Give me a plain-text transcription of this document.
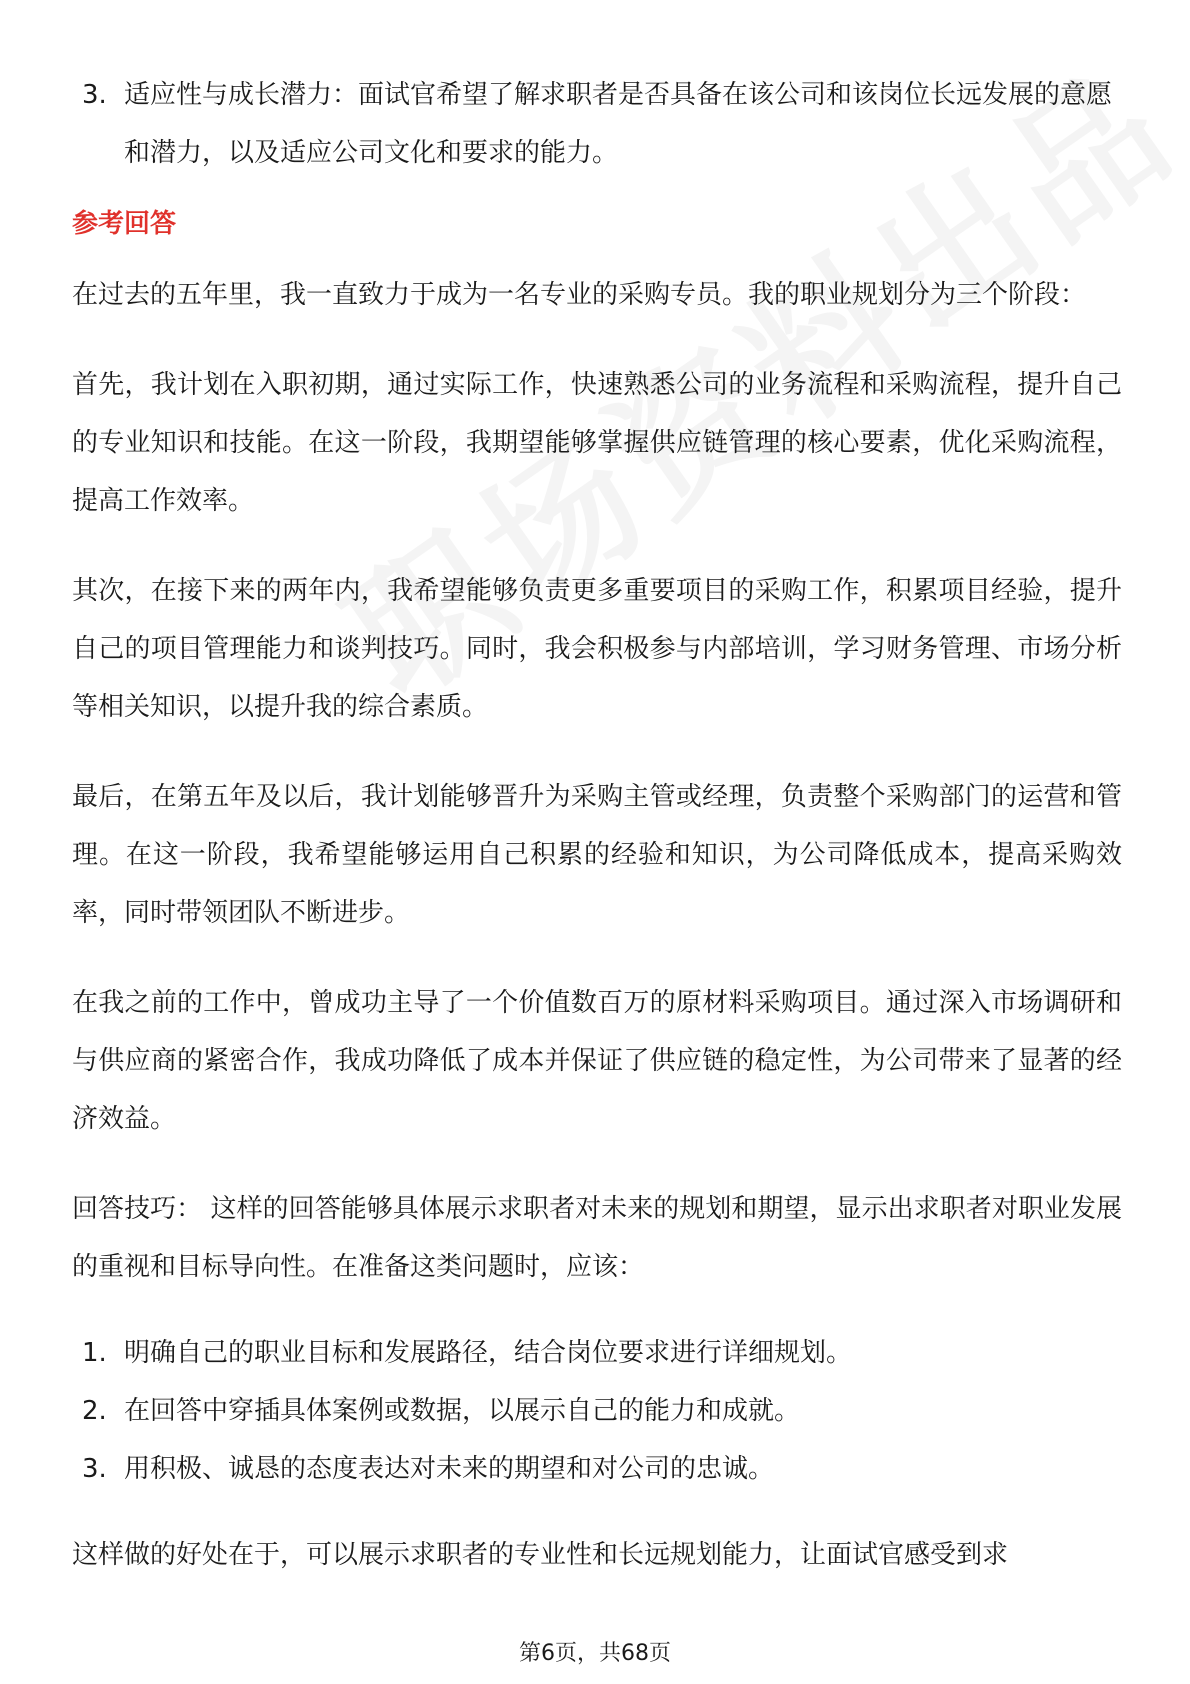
3. 适应性与成长潜力：面试官希望了解求职者是否具备在该公司和该岗位长远发展的意愿和潜力，以及适应公司文化和要求的能力。
参考回答

在过去的五年里，我一直致力于成为一名专业的采购专员。我的职业规划分为三个阶段：

首先，我计划在入职初期，通过实际工作，快速熟悉公司的业务流程和采购流程，提升自己的专业知识和技能。在这一阶段，我期望能够掌握供应链管理的核心要素，优化采购流程，提高工作效率。

其次，在接下来的两年内，我希望能够负责更多重要项目的采购工作，积累项目经验，提升自己的项目管理能力和谈判技巧。同时，我会积极参与内部培训，学习财务管理、市场分析等相关知识，以提升我的综合素质。

最后，在第五年及以后，我计划能够晋升为采购主管或经理，负责整个采购部门的运营和管理。在这一阶段，我希望能够运用自己积累的经验和知识，为公司降低成本，提高采购效率，同时带领团队不断进步。

在我之前的工作中，曾成功主导了一个价值数百万的原材料采购项目。通过深入市场调研和与供应商的紧密合作，我成功降低了成本并保证了供应链的稳定性，为公司带来了显著的经济效益。

回答技巧： 这样的回答能够具体展示求职者对未来的规划和期望，显示出求职者对职业发展的重视和目标导向性。在准备这类问题时，应该：

1. 明确自己的职业目标和发展路径，结合岗位要求进行详细规划。
2. 在回答中穿插具体案例或数据，以展示自己的能力和成就。
3. 用积极、诚恳的态度表达对未来的期望和对公司的忠诚。

这样做的好处在于，可以展示求职者的专业性和长远规划能力，让面试官感受到求

第6页，共68页
